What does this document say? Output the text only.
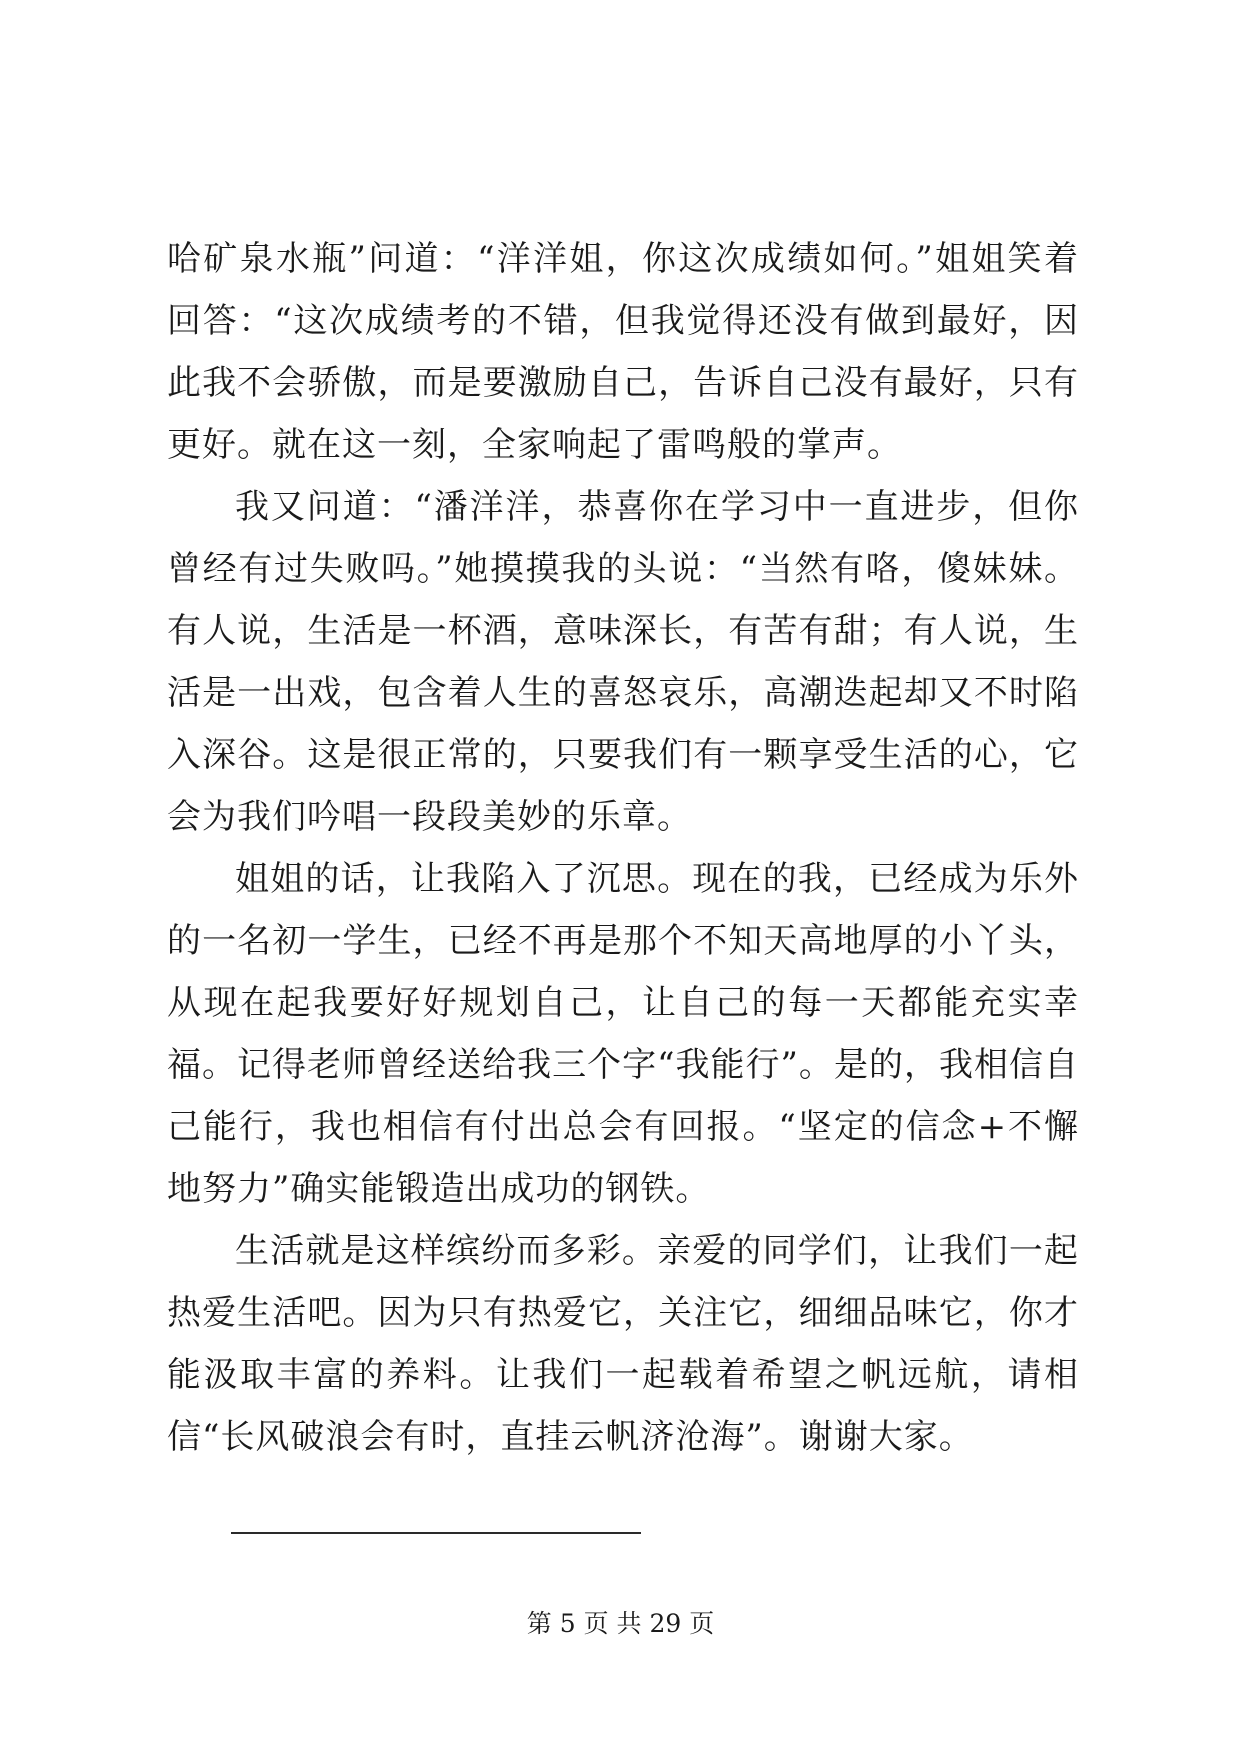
哈矿泉水瓶”问道：“洋洋姐，你这次成绩如何。”姐姐笑着回答：“这次成绩考的不错，但我觉得还没有做到最好，因此我不会骄傲，而是要激励自己，告诉自己没有最好，只有更好。就在这一刻，全家响起了雷鸣般的掌声。

我又问道：“潘洋洋，恭喜你在学习中一直进步，但你曾经有过失败吗。”她摸摸我的头说：“当然有咯，傻妹妹。有人说，生活是一杯酒，意味深长，有苦有甜；有人说，生活是一出戏，包含着人生的喜怒哀乐，高潮迭起却又不时陷入深谷。这是很正常的，只要我们有一颗享受生活的心，它会为我们吟唱一段段美妙的乐章。

姐姐的话，让我陷入了沉思。现在的我，已经成为乐外的一名初一学生，已经不再是那个不知天高地厚的小丫头，从现在起我要好好规划自己，让自己的每一天都能充实幸福。记得老师曾经送给我三个字“我能行”。是的，我相信自己能行，我也相信有付出总会有回报。“坚定的信念+不懈地努力”确实能锻造出成功的钢铁。

生活就是这样缤纷而多彩。亲爱的同学们，让我们一起热爱生活吧。因为只有热爱它，关注它，细细品味它，你才能汲取丰富的养料。让我们一起载着希望之帆远航，请相信“长风破浪会有时，直挂云帆济沧海”。谢谢大家。

第 5 页 共 29 页
